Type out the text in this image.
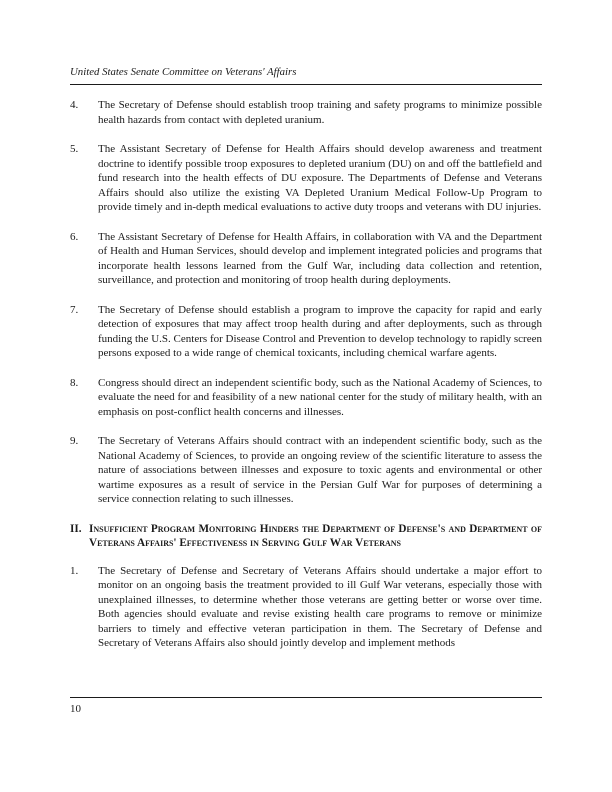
United States Senate Committee on Veterans' Affairs
4. The Secretary of Defense should establish troop training and safety programs to minimize possible health hazards from contact with depleted uranium.
5. The Assistant Secretary of Defense for Health Affairs should develop awareness and treatment doctrine to identify possible troop exposures to depleted uranium (DU) on and off the battlefield and fund research into the health effects of DU exposure. The Departments of Defense and Veterans Affairs should also utilize the existing VA Depleted Uranium Medical Follow-Up Program to provide timely and in-depth medical evaluations to active duty troops and veterans with DU injuries.
6. The Assistant Secretary of Defense for Health Affairs, in collaboration with VA and the Department of Health and Human Services, should develop and implement integrated policies and programs that incorporate health lessons learned from the Gulf War, including data collection and retention, surveillance, and protection and monitoring of troop health during deployments.
7. The Secretary of Defense should establish a program to improve the capacity for rapid and early detection of exposures that may affect troop health during and after deployments, such as through funding the U.S. Centers for Disease Control and Prevention to develop technology to rapidly screen persons exposed to a wide range of chemical toxicants, including chemical warfare agents.
8. Congress should direct an independent scientific body, such as the National Academy of Sciences, to evaluate the need for and feasibility of a new national center for the study of military health, with an emphasis on post-conflict health concerns and illnesses.
9. The Secretary of Veterans Affairs should contract with an independent scientific body, such as the National Academy of Sciences, to provide an ongoing review of the scientific literature to assess the nature of associations between illnesses and exposure to toxic agents and environmental or other wartime exposures as a result of service in the Persian Gulf War for purposes of determining a service connection relating to such illnesses.
II. Insufficient Program Monitoring Hinders the Department of Defense's and Department of Veterans Affairs' Effectiveness in Serving Gulf War Veterans
1. The Secretary of Defense and Secretary of Veterans Affairs should undertake a major effort to monitor on an ongoing basis the treatment provided to ill Gulf War veterans, especially those with unexplained illnesses, to determine whether those veterans are getting better or worse over time. Both agencies should evaluate and revise existing health care programs to remove or minimize barriers to timely and effective veteran participation in them. The Secretary of Defense and Secretary of Veterans Affairs also should jointly develop and implement methods
10
